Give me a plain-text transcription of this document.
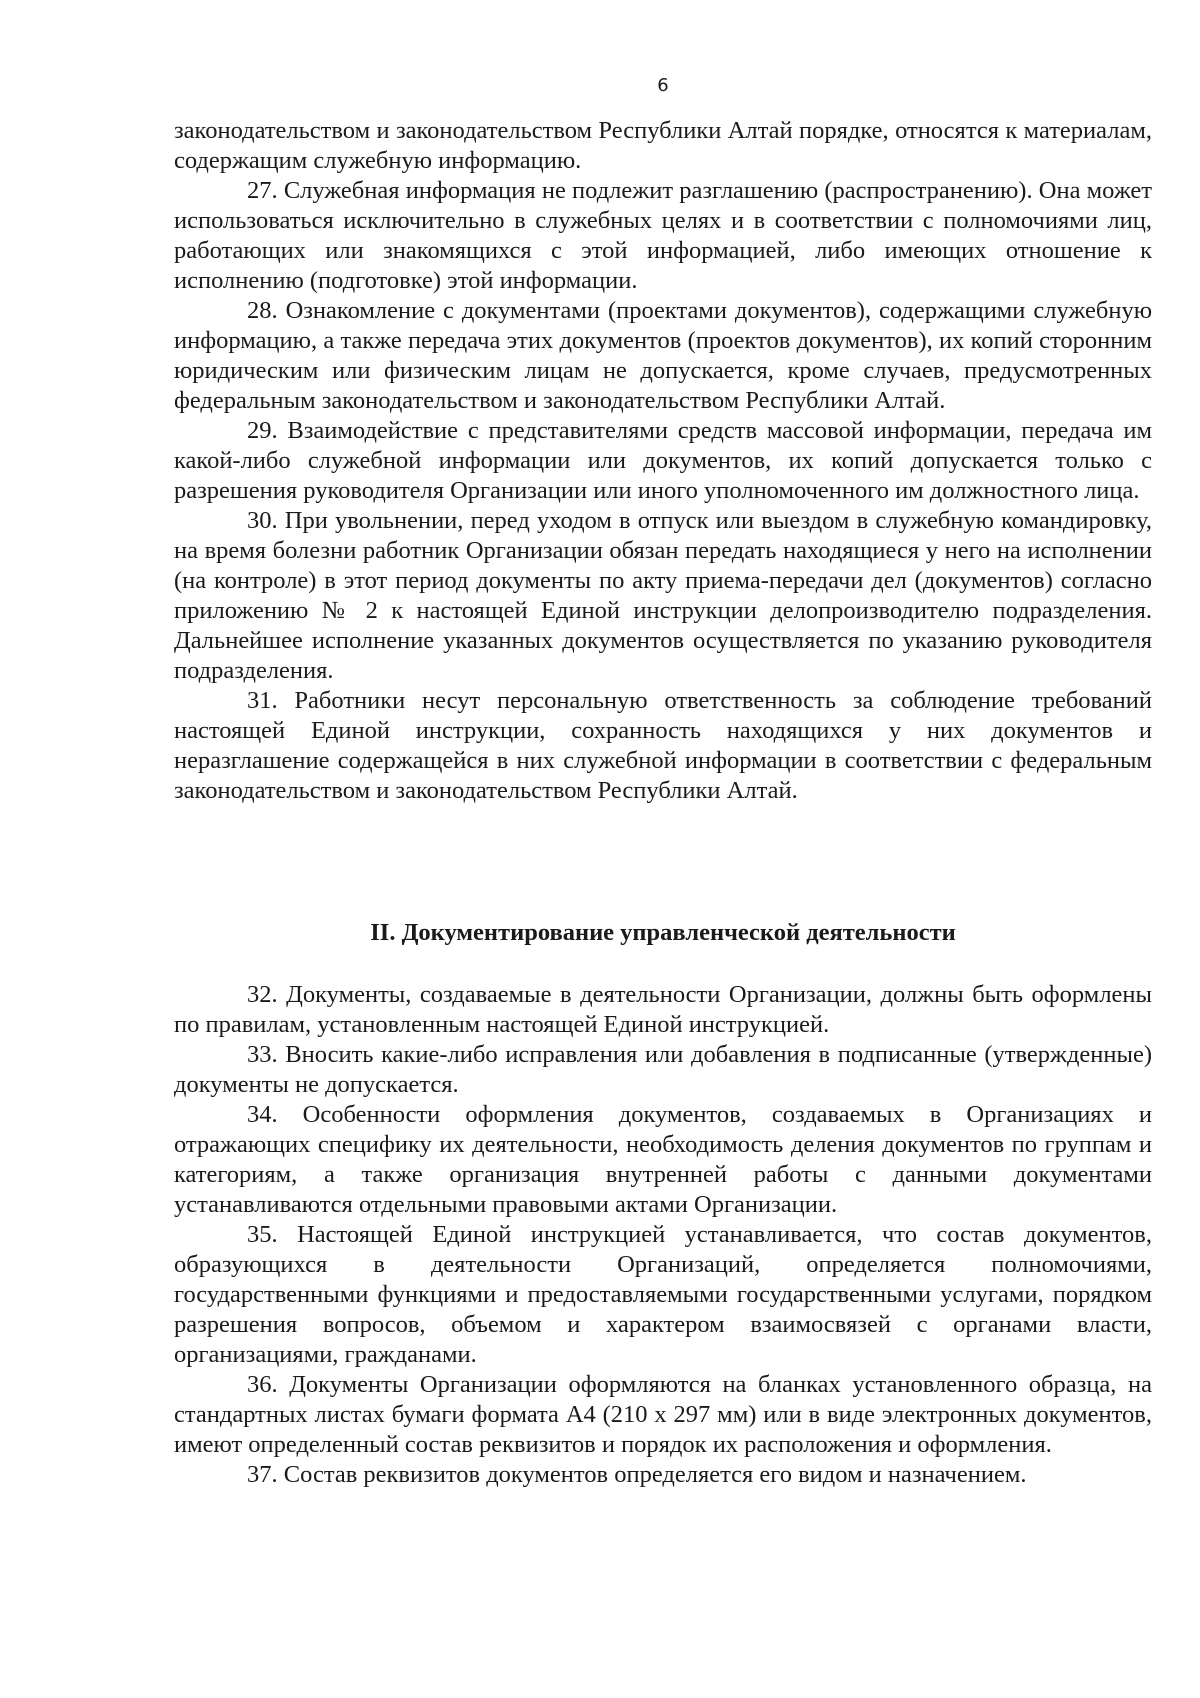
6

законодательством и законодательством Республики Алтай порядке, относятся к материалам, содержащим служебную информацию.

27. Служебная информация не подлежит разглашению (распространению). Она может использоваться исключительно в служебных целях и в соответствии с полномочиями лиц, работающих или знакомящихся с этой информацией, либо имеющих отношение к исполнению (подготовке) этой информации.

28. Ознакомление с документами (проектами документов), содержащими служебную информацию, а также передача этих документов (проектов документов), их копий сторонним юридическим или физическим лицам не допускается, кроме случаев, предусмотренных федеральным законодательством и законодательством Республики Алтай.

29. Взаимодействие с представителями средств массовой информации, передача им какой-либо служебной информации или документов, их копий допускается только с разрешения руководителя Организации или иного уполномоченного им должностного лица.

30. При увольнении, перед уходом в отпуск или выездом в служебную командировку, на время болезни работник Организации обязан передать находящиеся у него на исполнении (на контроле) в этот период документы по акту приема-передачи дел (документов) согласно приложению № 2 к настоящей Единой инструкции делопроизводителю подразделения. Дальнейшее исполнение указанных документов осуществляется по указанию руководителя подразделения.

31. Работники несут персональную ответственность за соблюдение требований настоящей Единой инструкции, сохранность находящихся у них документов и неразглашение содержащейся в них служебной информации в соответствии с федеральным законодательством и законодательством Республики Алтай.

II. Документирование управленческой деятельности

32. Документы, создаваемые в деятельности Организации, должны быть оформлены по правилам, установленным настоящей Единой инструкцией.

33. Вносить какие-либо исправления или добавления в подписанные (утвержденные) документы не допускается.

34. Особенности оформления документов, создаваемых в Организациях и отражающих специфику их деятельности, необходимость деления документов по группам и категориям, а также организация внутренней работы с данными документами устанавливаются отдельными правовыми актами Организации.

35. Настоящей Единой инструкцией устанавливается, что состав документов, образующихся в деятельности Организаций, определяется полномочиями, государственными функциями и предоставляемыми государственными услугами, порядком разрешения вопросов, объемом и характером взаимосвязей с органами власти, организациями, гражданами.

36. Документы Организации оформляются на бланках установленного образца, на стандартных листах бумаги формата А4 (210 x 297 мм) или в виде электронных документов, имеют определенный состав реквизитов и порядок их расположения и оформления.

37. Состав реквизитов документов определяется его видом и назначением.
